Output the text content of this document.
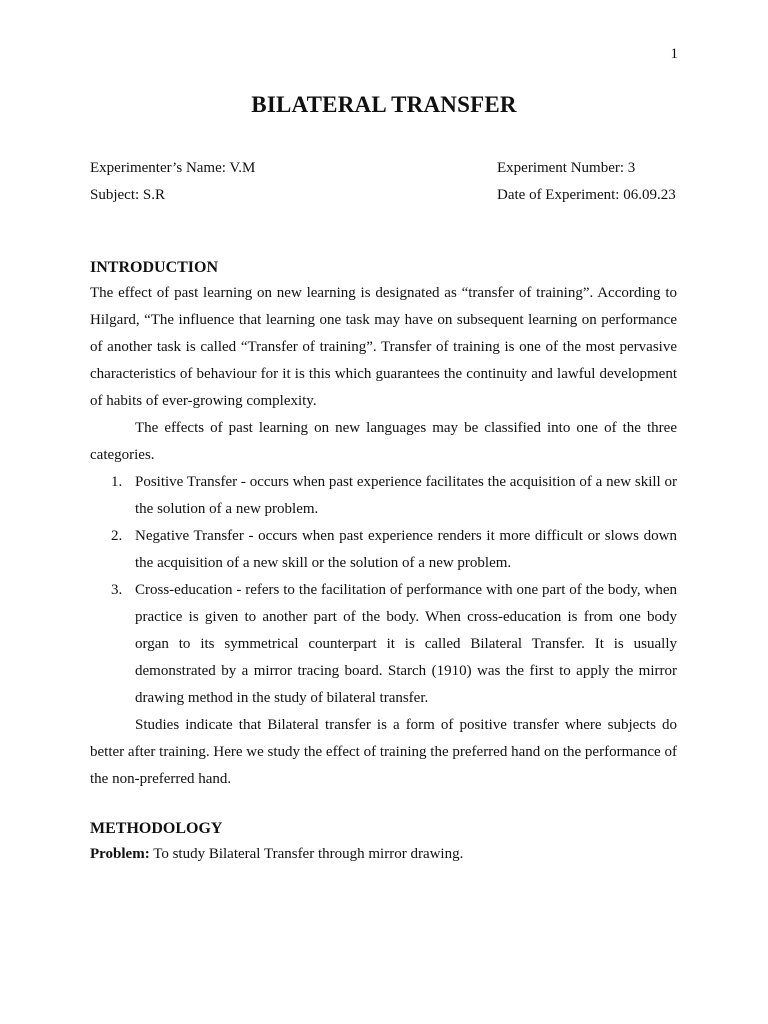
1
BILATERAL TRANSFER
Experimenter’s Name: V.M	Experiment Number: 3
Subject: S.R	Date of Experiment: 06.09.23
INTRODUCTION

The effect of past learning on new learning is designated as “transfer of training”. According to Hilgard, “The influence that learning one task may have on subsequent learning on performance of another task is called “Transfer of training”. Transfer of training is one of the most pervasive characteristics of behaviour for it is this which guarantees the continuity and lawful development of habits of ever-growing complexity.

The effects of past learning on new languages may be classified into one of the three categories.

1. Positive Transfer - occurs when past experience facilitates the acquisition of a new skill or the solution of a new problem.
2. Negative Transfer - occurs when past experience renders it more difficult or slows down the acquisition of a new skill or the solution of a new problem.
3. Cross-education - refers to the facilitation of performance with one part of the body, when practice is given to another part of the body. When cross-education is from one body organ to its symmetrical counterpart it is called Bilateral Transfer. It is usually demonstrated by a mirror tracing board. Starch (1910) was the first to apply the mirror drawing method in the study of bilateral transfer.

Studies indicate that Bilateral transfer is a form of positive transfer where subjects do better after training. Here we study the effect of training the preferred hand on the performance of the non-preferred hand.

METHODOLOGY

Problem: To study Bilateral Transfer through mirror drawing.
